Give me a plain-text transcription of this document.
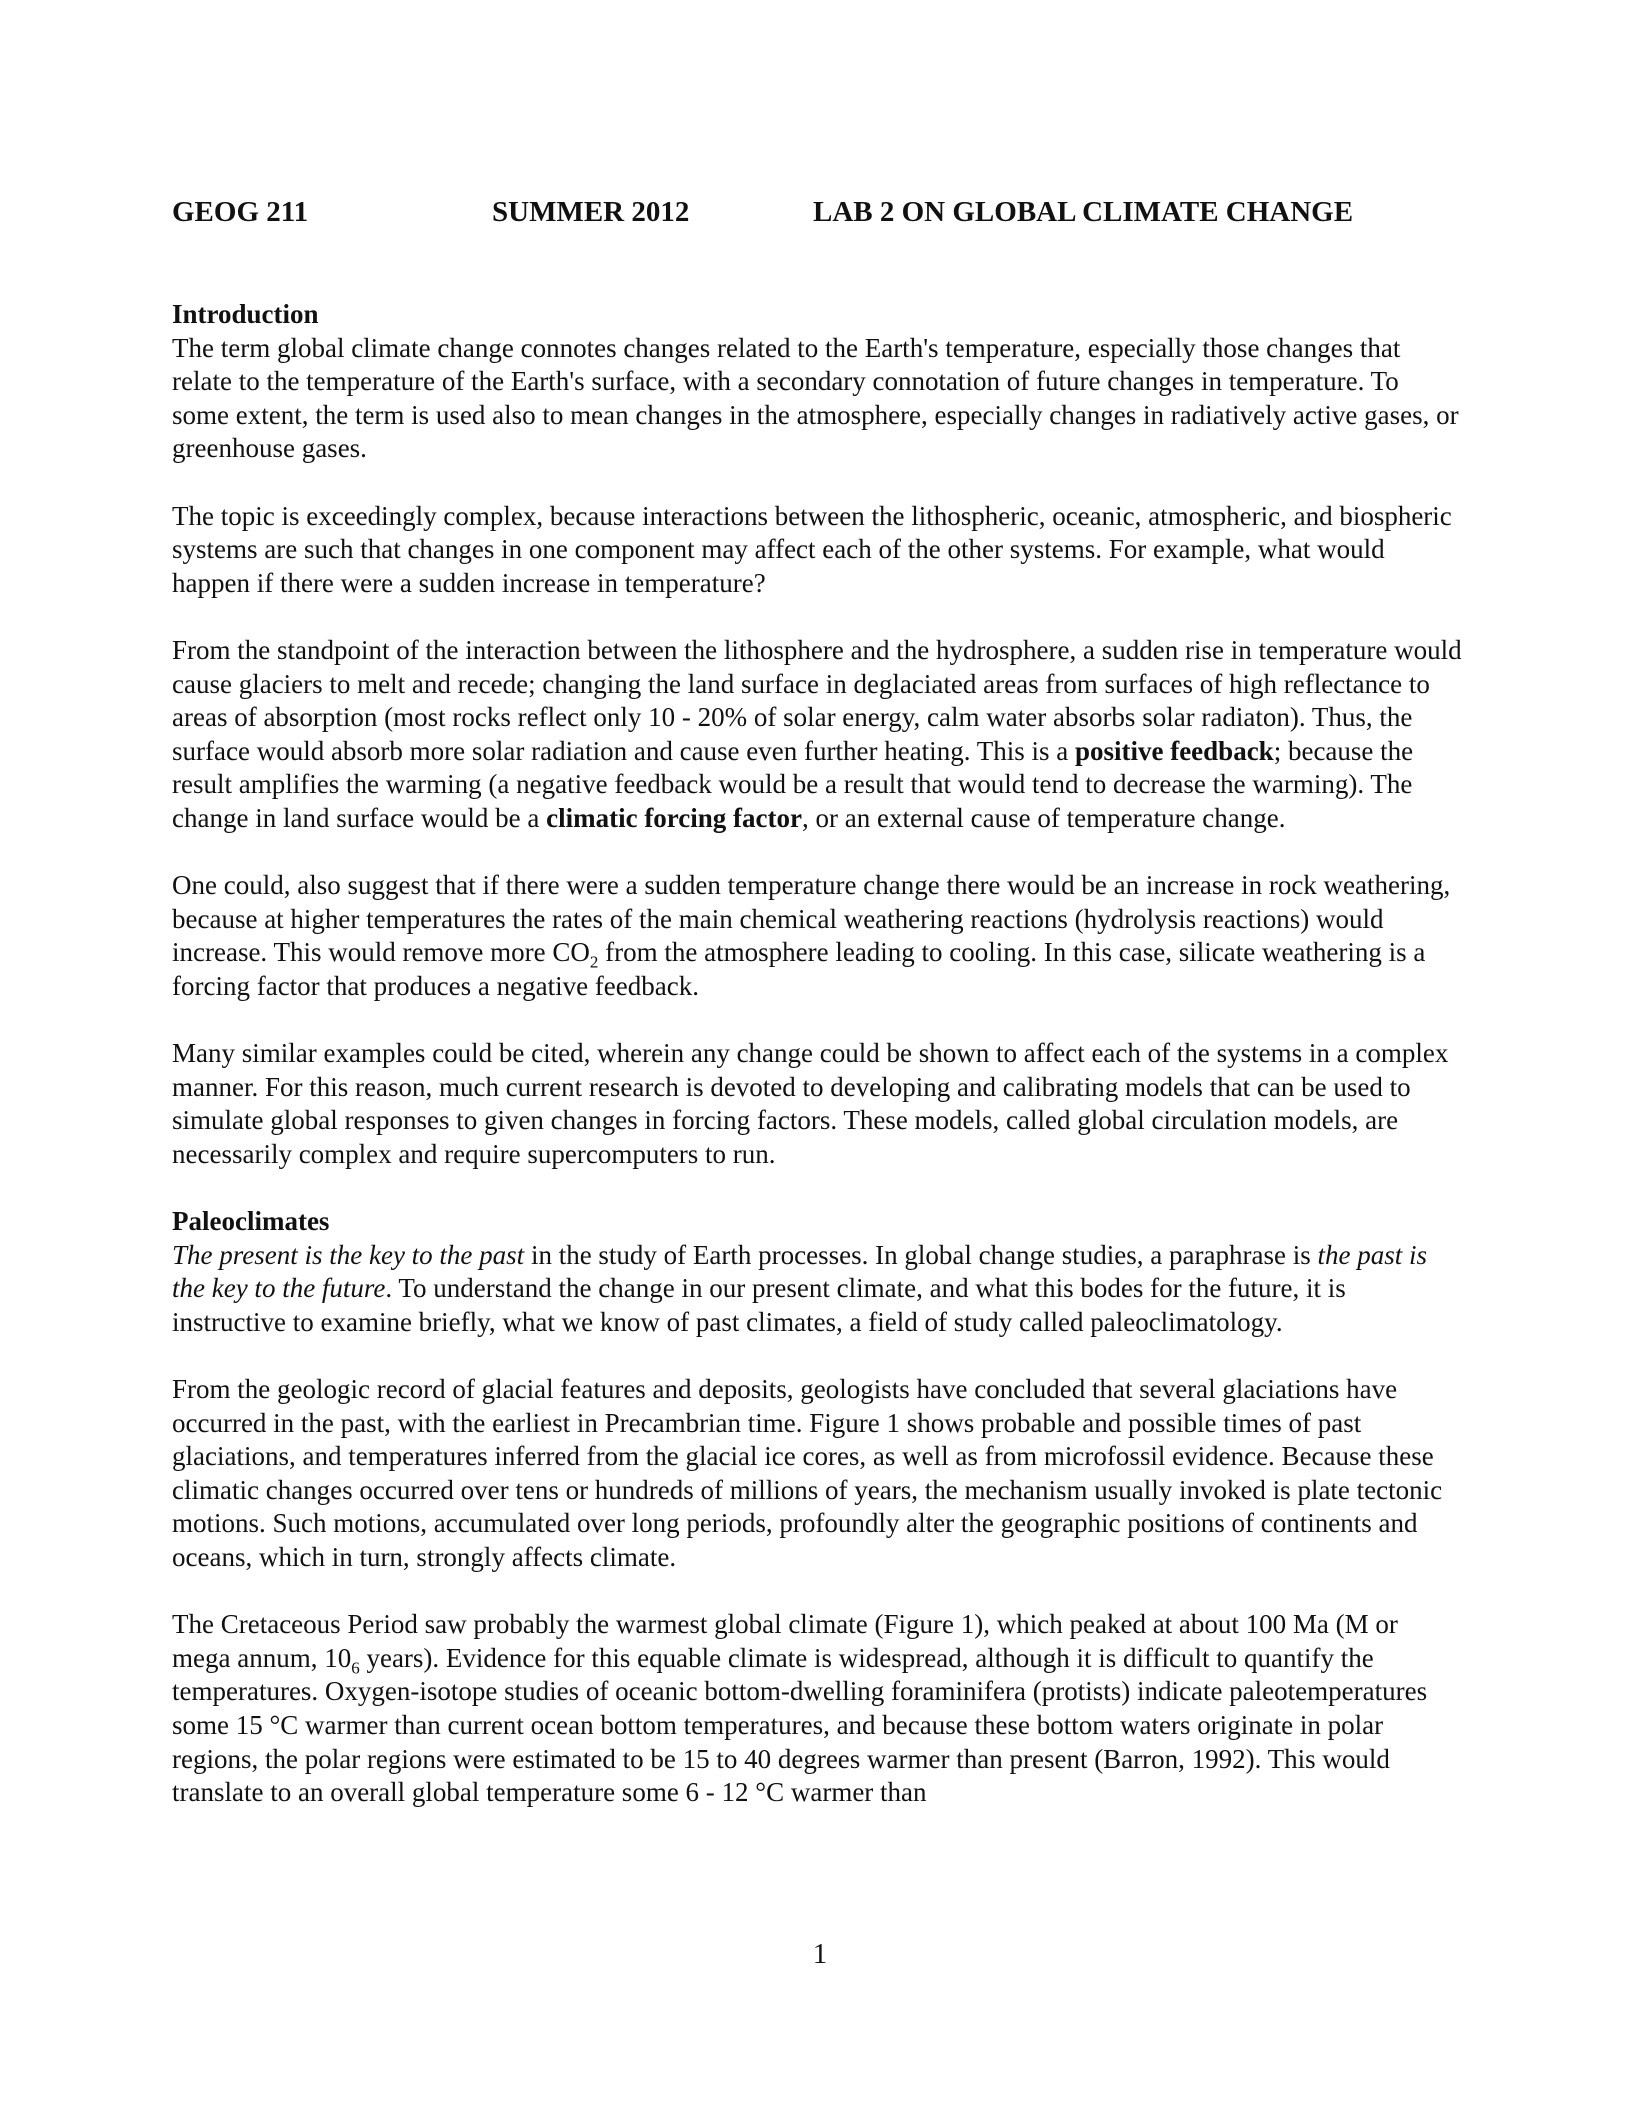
GEOG 211	SUMMER 2012	LAB 2 ON GLOBAL CLIMATE CHANGE
Introduction

The term global climate change connotes changes related to the Earth's temperature, especially those changes that relate to the temperature of the Earth's surface, with a secondary connotation of future changes in temperature. To some extent, the term is used also to mean changes in the atmosphere, especially changes in radiatively active gases, or greenhouse gases.

The topic is exceedingly complex, because interactions between the lithospheric, oceanic, atmospheric, and biospheric systems are such that changes in one component may affect each of the other systems. For example, what would happen if there were a sudden increase in temperature?

From the standpoint of the interaction between the lithosphere and the hydrosphere, a sudden rise in temperature would cause glaciers to melt and recede; changing the land surface in deglaciated areas from surfaces of high reflectance to areas of absorption (most rocks reflect only 10 - 20% of solar energy, calm water absorbs solar radiaton). Thus, the surface would absorb more solar radiation and cause even further heating. This is a positive feedback; because the result amplifies the warming (a negative feedback would be a result that would tend to decrease the warming). The change in land surface would be a climatic forcing factor, or an external cause of temperature change.

One could, also suggest that if there were a sudden temperature change there would be an increase in rock weathering, because at higher temperatures the rates of the main chemical weathering reactions (hydrolysis reactions) would increase. This would remove more $CO_2$ from the atmosphere leading to cooling. In this case, silicate weathering is a forcing factor that produces a negative feedback.

Many similar examples could be cited, wherein any change could be shown to affect each of the systems in a complex manner. For this reason, much current research is devoted to developing and calibrating models that can be used to simulate global responses to given changes in forcing factors. These models, called global circulation models, are necessarily complex and require supercomputers to run.

Paleoclimates

The present is the key to the past in the study of Earth processes. In global change studies, a paraphrase is the past is the key to the future. To understand the change in our present climate, and what this bodes for the future, it is instructive to examine briefly, what we know of past climates, a field of study called paleoclimatology.

From the geologic record of glacial features and deposits, geologists have concluded that several glaciations have occurred in the past, with the earliest in Precambrian time. Figure 1 shows probable and possible times of past glaciations, and temperatures inferred from the glacial ice cores, as well as from microfossil evidence. Because these climatic changes occurred over tens or hundreds of millions of years, the mechanism usually invoked is plate tectonic motions. Such motions, accumulated over long periods, profoundly alter the geographic positions of continents and oceans, which in turn, strongly affects climate.

The Cretaceous Period saw probably the warmest global climate (Figure 1), which peaked at about 100 Ma (M or mega annum, $10_6$ years). Evidence for this equable climate is widespread, although it is difficult to quantify the temperatures. Oxygen-isotope studies of oceanic bottom-dwelling foraminifera (protists) indicate paleotemperatures some 15 °C warmer than current ocean bottom temperatures, and because these bottom waters originate in polar regions, the polar regions were estimated to be 15 to 40 degrees warmer than present (Barron, 1992). This would translate to an overall global temperature some 6 - 12 °C warmer than

1
